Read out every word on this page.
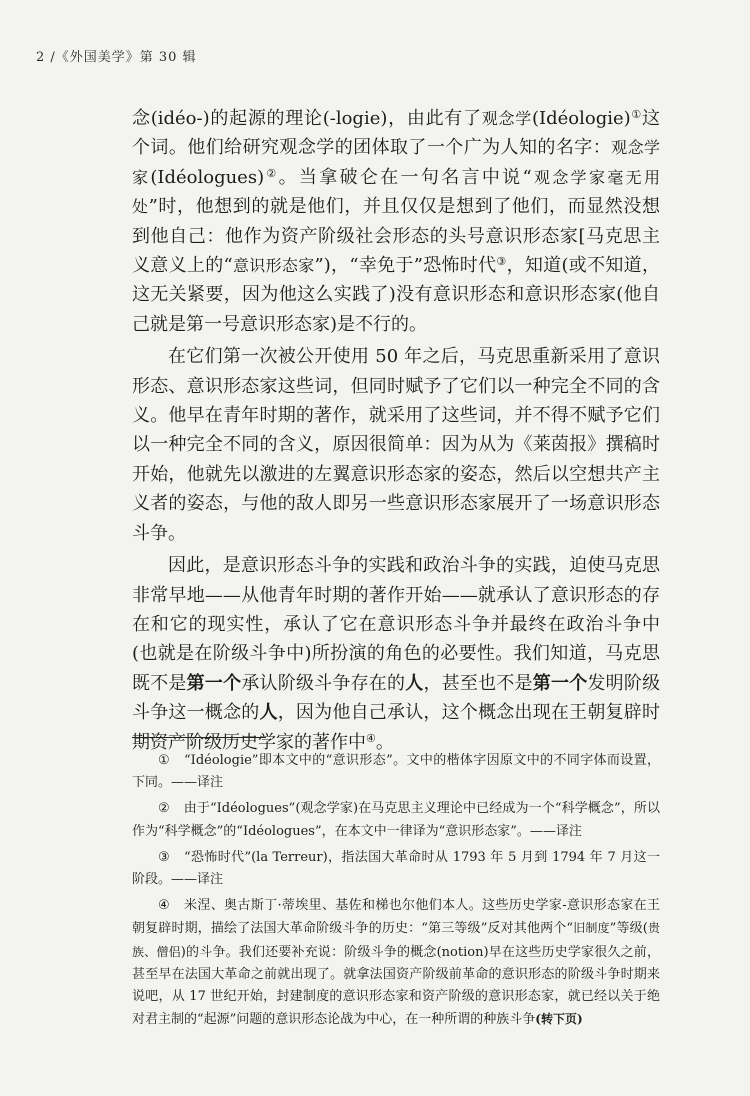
2 /《外国美学》第 30 辑

念(idéo-)的起源的理论(-logie)，由此有了观念学(Idéologie)①这个词。他们给研究观念学的团体取了一个广为人知的名字：观念学家(Idéologues)②。当拿破仑在一句名言中说“观念学家毫无用处”时，他想到的就是他们，并且仅仅是想到了他们，而显然没想到他自己：他作为资产阶级社会形态的头号意识形态家[马克思主义意义上的“意识形态家”)，“幸免于”恐怖时代③，知道(或不知道，这无关紧要，因为他这么实践了)没有意识形态和意识形态家(他自己就是第一号意识形态家)是不行的。

在它们第一次被公开使用 50 年之后，马克思重新采用了意识形态、意识形态家这些词，但同时赋予了它们以一种完全不同的含义。他早在青年时期的著作，就采用了这些词，并不得不赋予它们以一种完全不同的含义，原因很简单：因为从为《莱茵报》撰稿时开始，他就先以激进的左翼意识形态家的姿态，然后以空想共产主义者的姿态，与他的敌人即另一些意识形态家展开了一场意识形态斗争。

因此，是意识形态斗争的实践和政治斗争的实践，迫使马克思非常早地——从他青年时期的著作开始——就承认了意识形态的存在和它的现实性，承认了它在意识形态斗争并最终在政治斗争中(也就是在阶级斗争中)所扮演的角色的必要性。我们知道，马克思既不是第一个承认阶级斗争存在的人，甚至也不是第一个发明阶级斗争这一概念的人，因为他自己承认，这个概念出现在王朝复辟时期资产阶级历史学家的著作中④。

① “Idéologie”即本文中的“意识形态”。文中的楷体字因原文中的不同字体而设置，下同。——译注

② 由于“Idéologues”(观念学家)在马克思主义理论中已经成为一个“科学概念”，所以作为“科学概念”的“Idéologues”，在本文中一律译为“意识形态家”。——译注

③ “恐怖时代”(la Terreur)，指法国大革命时从 1793 年 5 月到 1794 年 7 月这一阶段。——译注

④ 米涅、奥古斯丁·蒂埃里、基佐和梯也尔他们本人。这些历史学家-意识形态家在王朝复辟时期，描绘了法国大革命阶级斗争的历史：“第三等级”反对其他两个“旧制度”等级(贵族、僧侣)的斗争。我们还要补充说：阶级斗争的概念(notion)早在这些历史学家很久之前，甚至早在法国大革命之前就出现了。就拿法国资产阶级前革命的意识形态的阶级斗争时期来说吧，从 17 世纪开始，封建制度的意识形态家和资产阶级的意识形态家，就已经以关于绝对君主制的“起源”问题的意识形态论战为中心，在一种所谓的种族斗争(转下页)
